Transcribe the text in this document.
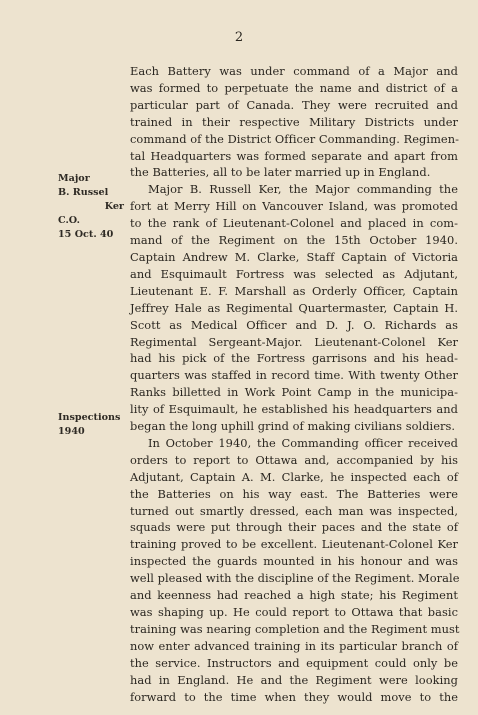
2
Major
B. Russel
Ker
C.O.
15 Oct. 40
Inspections
1940
Each Battery was under command of a Major and
was formed to perpetuate the name and district of a
particular part of Canada. They were recruited and
trained in their respective Military Districts under
command of the District Officer Commanding. Regimen-
tal Headquarters was formed separate and apart from
the Batteries, all to be later married up in England.
Major B. Russell Ker, the Major commanding the
fort at Merry Hill on Vancouver Island, was promoted
to the rank of Lieutenant-Colonel and placed in com-
mand of the Regiment on the 15th October 1940.
Captain Andrew M. Clarke, Staff Captain of Victoria
and Esquimault Fortress was selected as Adjutant,
Lieutenant E. F. Marshall as Orderly Officer, Captain
Jeffrey Hale as Regimental Quartermaster, Captain H.
Scott as Medical Officer and D. J. O. Richards as
Regimental Sergeant-Major. Lieutenant-Colonel Ker
had his pick of the Fortress garrisons and his head-
quarters was staffed in record time. With twenty Other
Ranks billetted in Work Point Camp in the municipa-
lity of Esquimault, he established his headquarters and
began the long uphill grind of making civilians soldiers.
In October 1940, the Commanding officer received
orders to report to Ottawa and, accompanied by his
Adjutant, Captain A. M. Clarke, he inspected each of
the Batteries on his way east. The Batteries were
turned out smartly dressed, each man was inspected,
squads were put through their paces and the state of
training proved to be excellent. Lieutenant-Colonel Ker
inspected the guards mounted in his honour and was
well pleased with the discipline of the Regiment. Morale
and keenness had reached a high state; his Regiment
was shaping up. He could report to Ottawa that basic
training was nearing completion and the Regiment must
now enter advanced training in its particular branch of
the service. Instructors and equipment could only be
had in England. He and the Regiment were looking
forward to the time when they would move to the
